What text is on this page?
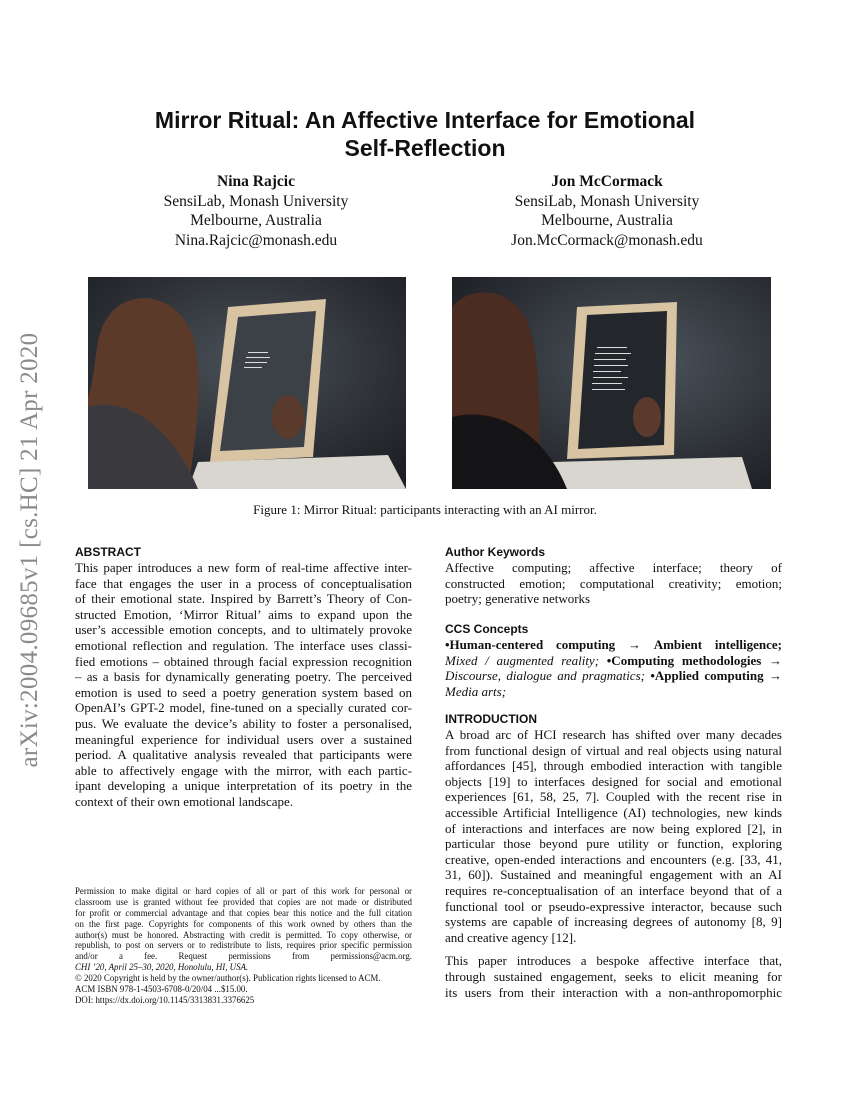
arXiv:2004.09685v1 [cs.HC] 21 Apr 2020
Mirror Ritual: An Affective Interface for Emotional
Self-Reflection
Nina Rajcic
SensiLab, Monash University
Melbourne, Australia
Nina.Rajcic@monash.edu
Jon McCormack
SensiLab, Monash University
Melbourne, Australia
Jon.McCormack@monash.edu
Figure 1: Mirror Ritual: participants interacting with an AI mirror.
ABSTRACT
This paper introduces a new form of real-time affective inter-
face that engages the user in a process of conceptualisation
of their emotional state. Inspired by Barrett’s Theory of Con-
structed Emotion, ‘Mirror Ritual’ aims to expand upon the
user’s accessible emotion concepts, and to ultimately provoke
emotional reflection and regulation. The interface uses classi-
fied emotions – obtained through facial expression recognition
– as a basis for dynamically generating poetry. The perceived
emotion is used to seed a poetry generation system based on
OpenAI’s GPT-2 model, fine-tuned on a specially curated cor-
pus. We evaluate the device’s ability to foster a personalised,
meaningful experience for individual users over a sustained
period. A qualitative analysis revealed that participants were
able to affectively engage with the mirror, with each partic-
ipant developing a unique interpretation of its poetry in the
context of their own emotional landscape.
Permission to make digital or hard copies of all or part of this work for personal or
classroom use is granted without fee provided that copies are not made or distributed
for profit or commercial advantage and that copies bear this notice and the full citation
on the first page. Copyrights for components of this work owned by others than the
author(s) must be honored. Abstracting with credit is permitted. To copy otherwise, or
republish, to post on servers or to redistribute to lists, requires prior specific permission
and/or a fee. Request permissions from permissions@acm.org.
CHI ’20, April 25–30, 2020, Honolulu, HI, USA.
© 2020 Copyright is held by the owner/author(s). Publication rights licensed to ACM.
ACM ISBN 978-1-4503-6708-0/20/04 ...$15.00.
DOI: https://dx.doi.org/10.1145/3313831.3376625
Author Keywords
Affective computing; affective interface; theory of
constructed emotion; computational creativity; emotion;
poetry; generative networks
CCS Concepts
•Human-centered computing → Ambient intelligence;
Mixed / augmented reality; •Computing methodologies →
Discourse, dialogue and pragmatics; •Applied computing →
Media arts;
INTRODUCTION
A broad arc of HCI research has shifted over many decades
from functional design of virtual and real objects using natural
affordances [45], through embodied interaction with tangible
objects [19] to interfaces designed for social and emotional
experiences [61, 58, 25, 7]. Coupled with the recent rise in
accessible Artificial Intelligence (AI) technologies, new kinds
of interactions and interfaces are now being explored [2], in
particular those beyond pure utility or function, exploring
creative, open-ended interactions and encounters (e.g. [33, 41,
31, 60]). Sustained and meaningful engagement with an AI
requires re-conceptualisation of an interface beyond that of a
functional tool or pseudo-expressive interactor, because such
systems are capable of increasing degrees of autonomy [8, 9]
and creative agency [12].
This paper introduces a bespoke affective interface that,
through sustained engagement, seeks to elicit meaning for
its users from their interaction with a non-anthropomorphic
